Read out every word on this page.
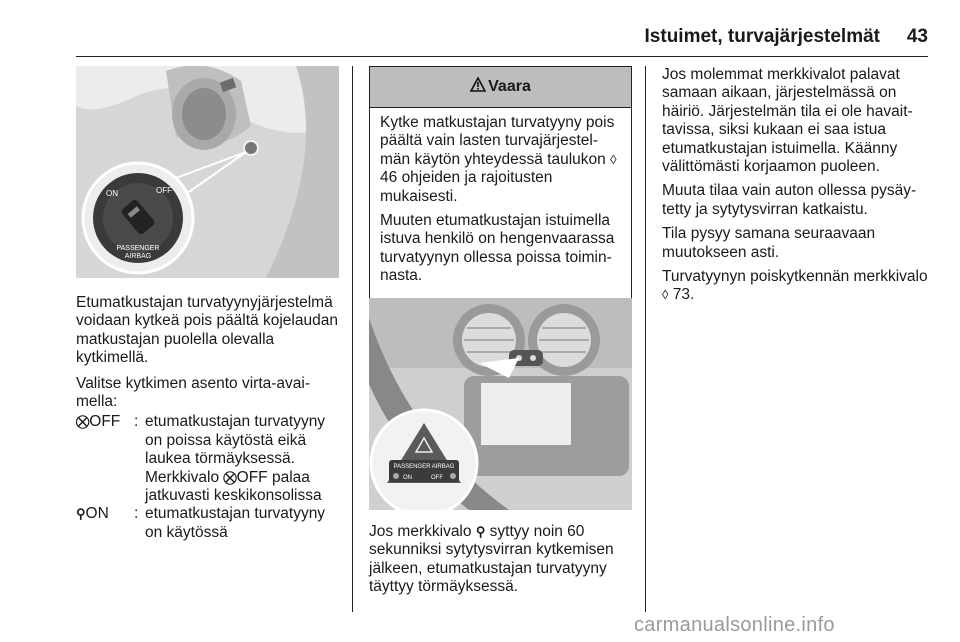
Istuimet, turvajärjestelmät	43
ON	OFF
PASSENGER
AIRBAG

Etumatkustajan turvatyynyjärjestelmä voidaan kytkeä pois päältä kojelaudan matkustajan puolella olevalla kytkimellä.

Valitse kytkimen asento virta-avaimella:

⛒ OFF : etumatkustajan turvatyyny on poissa käytöstä eikä laukea törmäyksessä. Merkkivalo ⛒OFF palaa jatkuvasti keskikonsolissa
⚲ ON : etumatkustajan turvatyyny on käytössä
Vaara

Kytke matkustajan turvatyyny pois päältä vain lasten turvajärjestelmän käytön yhteydessä taulukon ◊ 46 ohjeiden ja rajoitusten mukaisesti.

Muuten etumatkustajan istuimella istuva henkilö on hengenvaarassa turvatyynyn ollessa poissa toiminnasta.

PASSENGER AIRBAG
ON	OFF

Jos merkkivalo ⚲ syttyy noin 60 sekunniksi sytytysvirran kytkemisen jälkeen, etumatkustajan turvatyyny täyttyy törmäyksessä.

Jos molemmat merkkivalot palavat samaan aikaan, järjestelmässä on häiriö. Järjestelmän tila ei ole havaittavissa, siksi kukaan ei saa istua etumatkustajan istuimella. Käänny välittömästi korjaamon puoleen.

Muuta tilaa vain auton ollessa pysäytetty ja sytytysvirran katkaistu.

Tila pysyy samana seuraavaan muutokseen asti.

Turvatyynyn poiskytkennän merkkivalo ◊ 73.

carmanualsonline.info
